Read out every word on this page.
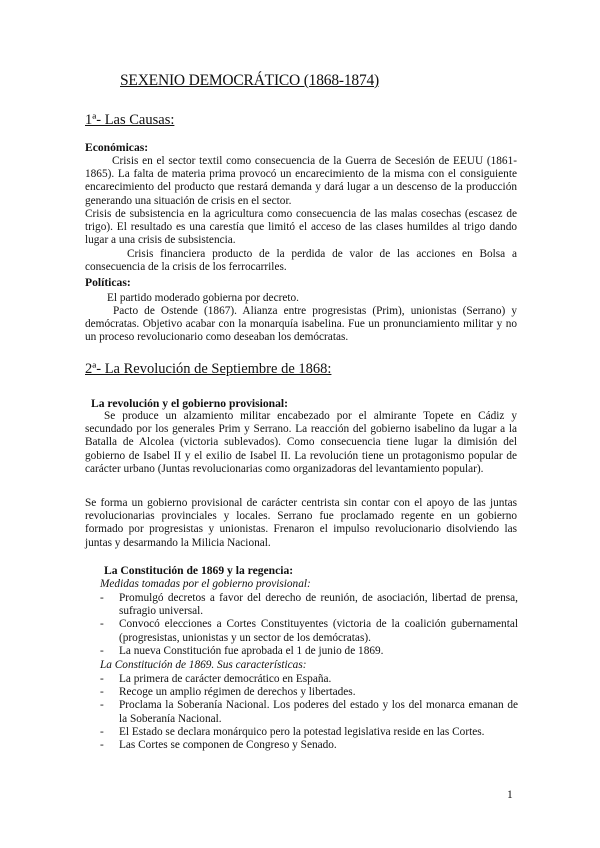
SEXENIO DEMOCRÁTICO (1868-1874)
1ª- Las Causas:
Económicas:
Crisis en el sector textil como consecuencia de la Guerra de Secesión de EEUU (1861-1865). La falta de materia prima provocó un encarecimiento de la misma con el consiguiente encarecimiento del producto que restará demanda y dará lugar a un descenso de la producción generando una situación de crisis en el sector.
Crisis de subsistencia en la agricultura como consecuencia de las malas cosechas (escasez de trigo). El resultado es una carestía que limitó el acceso de las clases humildes al trigo dando lugar a una crisis de subsistencia.
Crisis financiera producto de la perdida de valor de las acciones en Bolsa a consecuencia de la crisis de los ferrocarriles.
Políticas:
El partido moderado gobierna por decreto.
Pacto de Ostende (1867). Alianza entre progresistas (Prim), unionistas (Serrano) y demócratas. Objetivo acabar con la monarquía isabelina. Fue un pronunciamiento militar y no un proceso revolucionario como deseaban los demócratas.
2ª- La Revolución de Septiembre de 1868:
La revolución y el gobierno provisional:
Se produce un alzamiento militar encabezado por el almirante Topete en Cádiz y secundado por los generales Prim y Serrano. La reacción del gobierno isabelino da lugar a la Batalla de Alcolea (victoria sublevados). Como consecuencia tiene lugar la dimisión del gobierno de Isabel II y el exilio de Isabel II. La revolución tiene un protagonismo popular de carácter urbano (Juntas revolucionarias como organizadoras del levantamiento popular).
Se forma un gobierno provisional de carácter centrista sin contar con el apoyo de las juntas revolucionarias provinciales y locales. Serrano fue proclamado regente en un gobierno formado por progresistas y unionistas. Frenaron el impulso revolucionario disolviendo las juntas y desarmando la Milicia Nacional.
La Constitución de 1869 y la regencia:
Medidas tomadas por el gobierno provisional:
- Promulgó decretos a favor del derecho de reunión, de asociación, libertad de prensa, sufragio universal.
- Convocó elecciones a Cortes Constituyentes (victoria de la coalición gubernamental (progresistas, unionistas y un sector de los demócratas).
- La nueva Constitución fue aprobada el 1 de junio de 1869.
La Constitución de 1869. Sus características:
- La primera de carácter democrático en España.
- Recoge un amplio régimen de derechos y libertades.
- Proclama la Soberanía Nacional. Los poderes del estado y los del monarca emanan de la Soberanía Nacional.
- El Estado se declara monárquico pero la potestad legislativa reside en las Cortes.
- Las Cortes se componen de Congreso y Senado.
1
